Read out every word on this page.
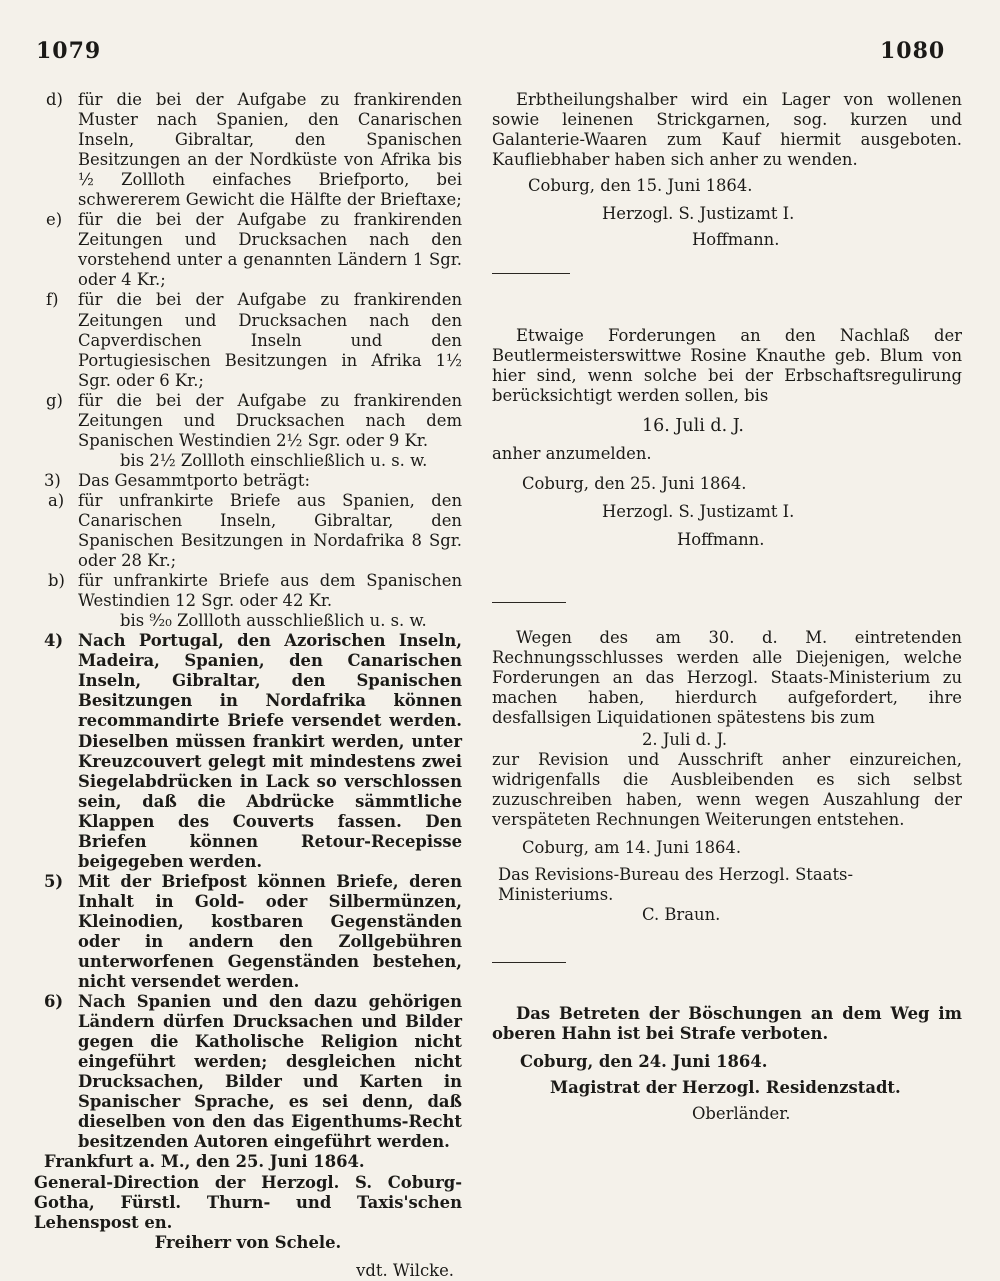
1079	1080
d) für die bei der Aufgabe zu frankirenden Muster nach Spanien, den Canarischen Inseln, Gibraltar, den Spanischen Besitzungen an der Nordküste von Afrika bis ½ Zollloth einfaches Briefporto, bei schwererem Gewicht die Hälfte der Brieftaxe;
e) für die bei der Aufgabe zu frankirenden Zeitungen und Drucksachen nach den vorstehend unter a genannten Ländern 1 Sgr. oder 4 Kr.;
f) für die bei der Aufgabe zu frankirenden Zeitungen und Drucksachen nach den Capverdischen Inseln und den Portugiesischen Besitzungen in Afrika 1½ Sgr. oder 6 Kr.;
g) für die bei der Aufgabe zu frankirenden Zeitungen und Drucksachen nach dem Spanischen Westindien 2½ Sgr. oder 9 Kr.
bis 2½ Zollloth einschließlich u. s. w.
3) Das Gesammtporto beträgt:
a) für unfrankirte Briefe aus Spanien, den Canarischen Inseln, Gibraltar, den Spanischen Besitzungen in Nordafrika 8 Sgr. oder 28 Kr.;
b) für unfrankirte Briefe aus dem Spanischen Westindien 12 Sgr. oder 42 Kr.
bis ⁹⁄₂₀ Zollloth ausschließlich u. s. w.
4) Nach Portugal, den Azorischen Inseln, Madeira, Spanien, den Canarischen Inseln, Gibraltar, den Spanischen Besitzungen in Nordafrika können recommandirte Briefe versendet werden. Dieselben müssen frankirt werden, unter Kreuzcouvert gelegt mit mindestens zwei Siegelabdrücken in Lack so verschlossen sein, daß die Abdrücke sämmtliche Klappen des Couverts fassen. Den Briefen können Retour-Recepisse beigegeben werden.
5) Mit der Briefpost können Briefe, deren Inhalt in Gold- oder Silbermünzen, Kleinodien, kostbaren Gegenständen oder in andern den Zollgebühren unterworfenen Gegenständen bestehen, nicht versendet werden.
6) Nach Spanien und den dazu gehörigen Ländern dürfen Drucksachen und Bilder gegen die Katholische Religion nicht eingeführt werden; desgleichen nicht Drucksachen, Bilder und Karten in Spanischer Sprache, es sei denn, daß dieselben von den das Eigenthums-Recht besitzenden Autoren eingeführt werden.
Frankfurt a. M., den 25. Juni 1864.
General-Direction der Herzogl. S. Coburg-Gotha, Fürstl. Thurn- und Taxis'schen Lehenspost en.
Freiherr von Schele.
vdt. Wilcke.

Erbtheilungshalber wird ein Lager von wollenen sowie leinenen Strickgarnen, sog. kurzen und Galanterie-Waaren zum Kauf hiermit ausgeboten. Kaufliebhaber haben sich anher zu wenden.

Coburg, den 15. Juni 1864.

Herzogl. S. Justizamt I.

Hoffmann.

Etwaige Forderungen an den Nachlaß der Beutlermeisterswittwe Rosine Knauthe geb. Blum von hier sind, wenn solche bei der Erbschaftsregulirung berücksichtigt werden sollen, bis

16. Juli d. J.

anher anzumelden.

Coburg, den 25. Juni 1864.

Herzogl. S. Justizamt I.

Hoffmann.

Wegen des am 30. d. M. eintretenden Rechnungsschlusses werden alle Diejenigen, welche Forderungen an das Herzogl. Staats-Ministerium zu machen haben, hierdurch aufgefordert, ihre desfallsigen Liquidationen spätestens bis zum

2. Juli d. J.

zur Revision und Ausschrift anher einzureichen, widrigenfalls die Ausbleibenden es sich selbst zuzuschreiben haben, wenn wegen Auszahlung der verspäteten Rechnungen Weiterungen entstehen.

Coburg, am 14. Juni 1864.

Das Revisions-Bureau des Herzogl. Staats-Ministeriums.

C. Braun.

Das Betreten der Böschungen an dem Weg im oberen Hahn ist bei Strafe verboten.

Coburg, den 24. Juni 1864.

Magistrat der Herzogl. Residenzstadt.

Oberländer.
